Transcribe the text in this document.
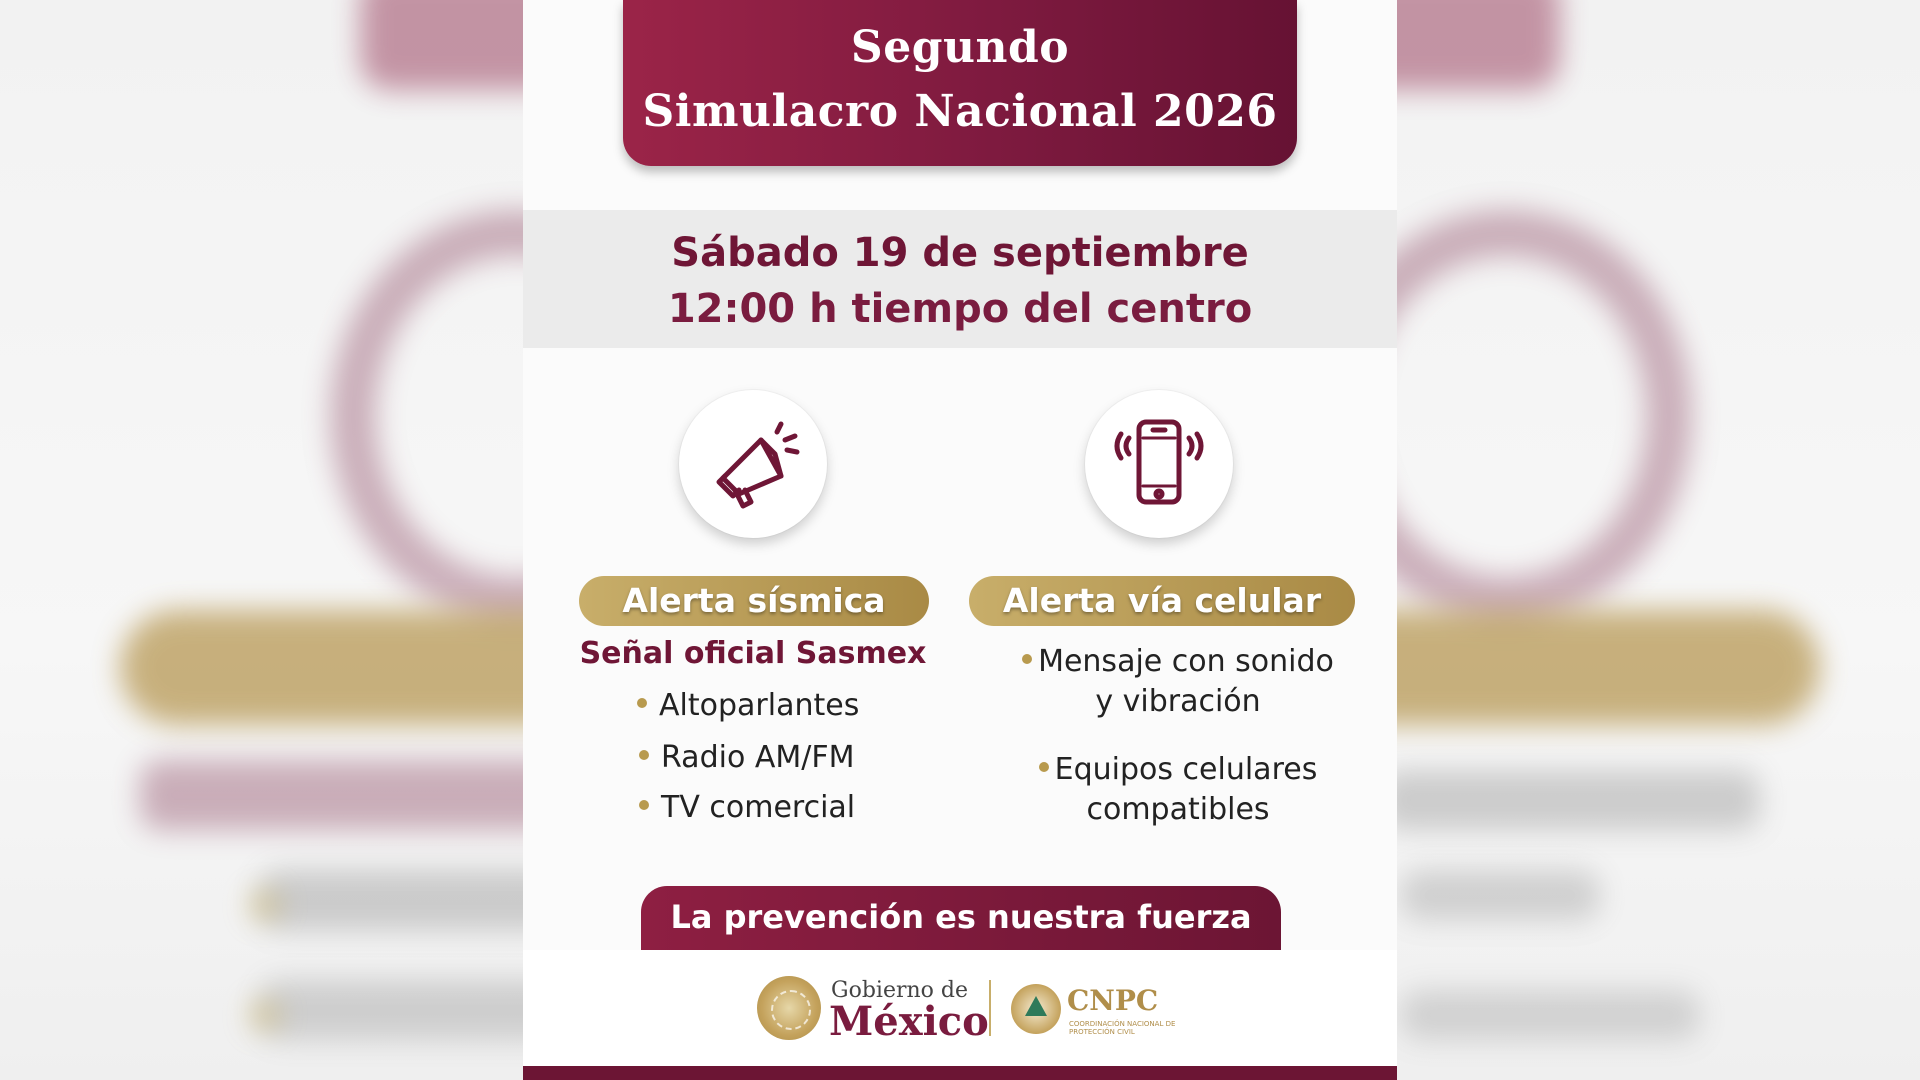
Segundo
Simulacro Nacional 2026
Sábado 19 de septiembre
12:00 h tiempo del centro
Alerta sísmica	Alerta vía celular
Señal oficial Sasmex
Altoparlantes
Radio AM/FM
TV comercial
Mensaje con sonido
y vibración
Equipos celulares
compatibles
La prevención es nuestra fuerza
Gobierno de
México	CNPC
COORDINACIÓN NACIONAL DE PROTECCIÓN CIVIL
